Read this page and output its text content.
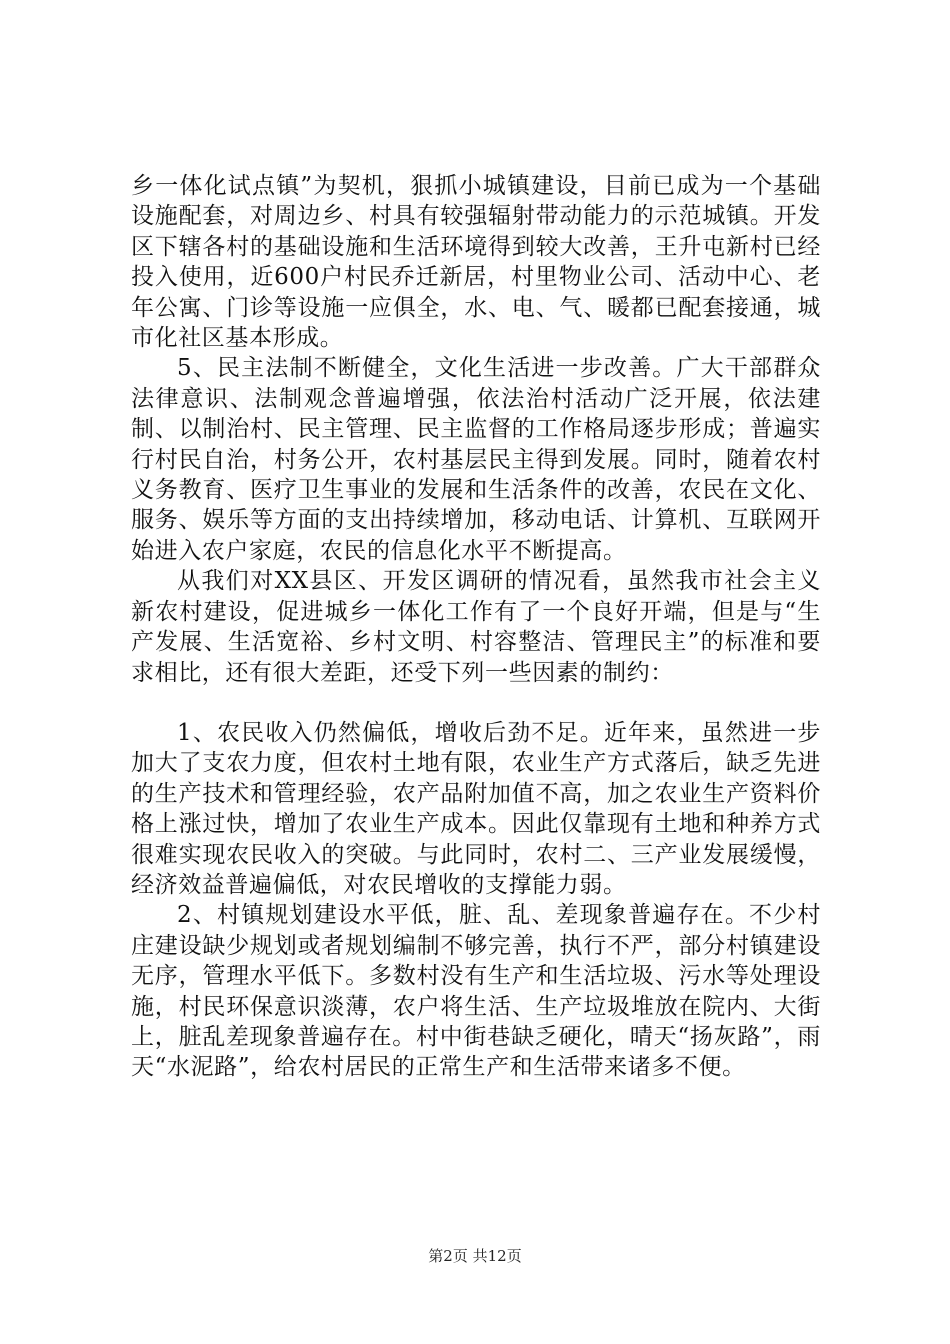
乡一体化试点镇”为契机，狠抓小城镇建设，目前已成为一个基础设施配套，对周边乡、村具有较强辐射带动能力的示范城镇。开发区下辖各村的基础设施和生活环境得到较大改善，王升屯新村已经投入使用，近600户村民乔迁新居，村里物业公司、活动中心、老年公寓、门诊等设施一应俱全，水、电、气、暖都已配套接通，城市化社区基本形成。

5、民主法制不断健全，文化生活进一步改善。广大干部群众法律意识、法制观念普遍增强，依法治村活动广泛开展，依法建制、以制治村、民主管理、民主监督的工作格局逐步形成；普遍实行村民自治，村务公开，农村基层民主得到发展。同时，随着农村义务教育、医疗卫生事业的发展和生活条件的改善，农民在文化、服务、娱乐等方面的支出持续增加，移动电话、计算机、互联网开始进入农户家庭，农民的信息化水平不断提高。

从我们对XX县区、开发区调研的情况看，虽然我市社会主义新农村建设，促进城乡一体化工作有了一个良好开端，但是与“生产发展、生活宽裕、乡村文明、村容整洁、管理民主”的标准和要求相比，还有很大差距，还受下列一些因素的制约：

1、农民收入仍然偏低，增收后劲不足。近年来，虽然进一步加大了支农力度，但农村土地有限，农业生产方式落后，缺乏先进的生产技术和管理经验，农产品附加值不高，加之农业生产资料价格上涨过快，增加了农业生产成本。因此仅靠现有土地和种养方式很难实现农民收入的突破。与此同时，农村二、三产业发展缓慢，经济效益普遍偏低，对农民增收的支撑能力弱。

2、村镇规划建设水平低，脏、乱、差现象普遍存在。不少村庄建设缺少规划或者规划编制不够完善，执行不严，部分村镇建设无序，管理水平低下。多数村没有生产和生活垃圾、污水等处理设施，村民环保意识淡薄，农户将生活、生产垃圾堆放在院内、大街上，脏乱差现象普遍存在。村中街巷缺乏硬化，晴天“扬灰路”，雨天“水泥路”，给农村居民的正常生产和生活带来诸多不便。

第2页 共12页
